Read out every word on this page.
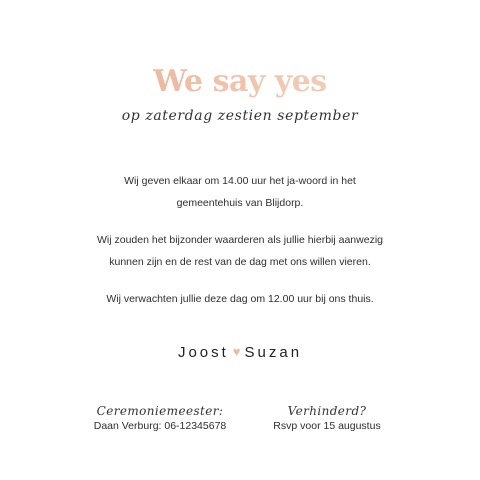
We say yes
op zaterdag zestien september
Wij geven elkaar om 14.00 uur het ja-woord in het
gemeentehuis van Blijdorp.
Wij zouden het bijzonder waarderen als jullie hierbij aanwezig
kunnen zijn en de rest van de dag met ons willen vieren.
Wij verwachten jullie deze dag om 12.00 uur bij ons thuis.
Joost ♥ Suzan
Ceremoniemeester:
Daan Verburg: 06-12345678
Verhinderd?
Rsvp voor 15 augustus
